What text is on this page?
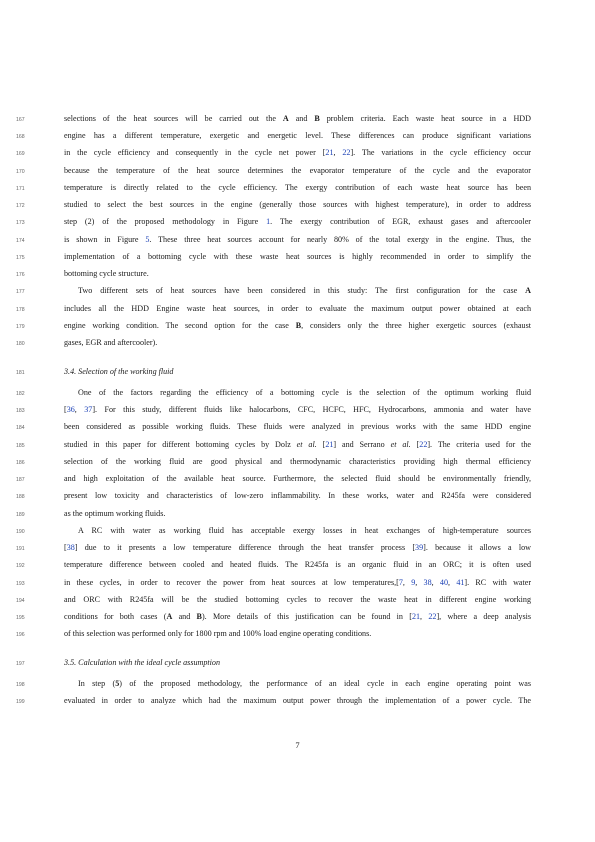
167	selections of the heat sources will be carried out the A and B problem criteria. Each waste heat source in a HDD
168	engine has a different temperature, exergetic and energetic level. These differences can produce significant variations
169	in the cycle efficiency and consequently in the cycle net power [21, 22]. The variations in the cycle efficiency occur
170	because the temperature of the heat source determines the evaporator temperature of the cycle and the evaporator
171	temperature is directly related to the cycle efficiency. The exergy contribution of each waste heat source has been
172	studied to select the best sources in the engine (generally those sources with highest temperature), in order to address
173	step (2) of the proposed methodology in Figure 1. The exergy contribution of EGR, exhaust gases and aftercooler
174	is shown in Figure 5. These three heat sources account for nearly 80% of the total exergy in the engine. Thus, the
175	implementation of a bottoming cycle with these waste heat sources is highly recommended in order to simplify the
176	bottoming cycle structure.
177	Two different sets of heat sources have been considered in this study: The first configuration for the case A
178	includes all the HDD Engine waste heat sources, in order to evaluate the maximum output power obtained at each
179	engine working condition. The second option for the case B, considers only the three higher exergetic sources (exhaust
180	gases, EGR and aftercooler).
181	3.4. Selection of the working fluid
182	One of the factors regarding the efficiency of a bottoming cycle is the selection of the optimum working fluid
183	[36, 37]. For this study, different fluids like halocarbons, CFC, HCFC, HFC, Hydrocarbons, ammonia and water have
184	been considered as possible working fluids. These fluids were analyzed in previous works with the same HDD engine
185	studied in this paper for different bottoming cycles by Dolz et al. [21] and Serrano et al. [22]. The criteria used for the
186	selection of the working fluid are good physical and thermodynamic characteristics providing high thermal efficiency
187	and high exploitation of the available heat source. Furthermore, the selected fluid should be environmentally friendly,
188	present low toxicity and characteristics of low-zero inflammability. In these works, water and R245fa were considered
189	as the optimum working fluids.
190	A RC with water as working fluid has acceptable exergy losses in heat exchanges of high-temperature sources
191	[38] due to it presents a low temperature difference through the heat transfer process [39]. because it allows a low
192	temperature difference between cooled and heated fluids. The R245fa is an organic fluid in an ORC; it is often used
193	in these cycles, in order to recover the power from heat sources at low temperatures,[7, 9, 38, 40, 41]. RC with water
194	and ORC with R245fa will be the studied bottoming cycles to recover the waste heat in different engine working
195	conditions for both cases (A and B). More details of this justification can be found in [21, 22], where a deep analysis
196	of this selection was performed only for 1800 rpm and 100% load engine operating conditions.
197	3.5. Calculation with the ideal cycle assumption
198	In step (5) of the proposed methodology, the performance of an ideal cycle in each engine operating point was
199	evaluated in order to analyze which had the maximum output power through the implementation of a power cycle. The
7
